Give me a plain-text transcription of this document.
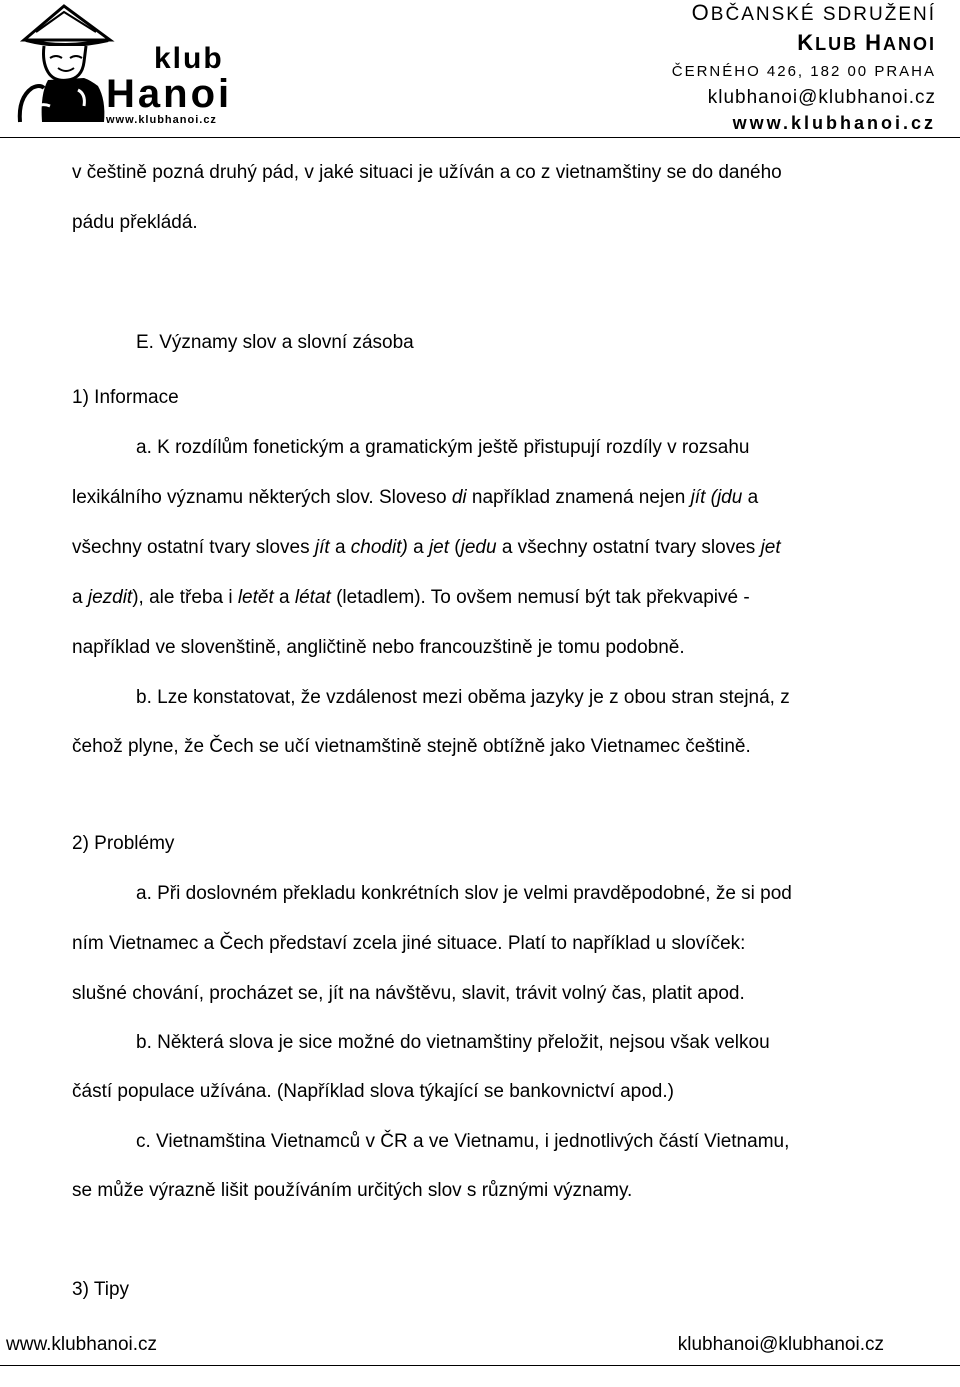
klub
Hanoi
www.klubhanoi.cz
OBČANSKÉ SDRUŽENÍ
KLUB HANOI
ČERNÉHO 426, 182 00 PRAHA
klubhanoi@klubhanoi.cz
www.klubhanoi.cz
v češtině pozná druhý pád, v jaké situaci je užíván a co z vietnamštiny se do daného
pádu překládá.
E. Významy slov a slovní zásoba
1) Informace
a. K rozdílům fonetickým a gramatickým ještě přistupují rozdíly v rozsahu
lexikálního významu některých slov. Sloveso di například znamená nejen jít (jdu a
všechny ostatní tvary sloves jít a chodit) a jet (jedu a všechny ostatní tvary sloves jet
a jezdit), ale třeba i letět a létat (letadlem). To ovšem nemusí být tak překvapivé -
například ve slovenštině, angličtině nebo francouzštině je tomu podobně.
b. Lze konstatovat, že vzdálenost mezi oběma jazyky je z obou stran stejná, z
čehož plyne, že Čech se učí vietnamštině stejně obtížně jako Vietnamec češtině.
2) Problémy
a. Při doslovném překladu konkrétních slov je velmi pravděpodobné, že si pod
ním Vietnamec a Čech představí zcela jiné situace. Platí to například u slovíček:
slušné chování, procházet se, jít na návštěvu, slavit, trávit volný čas, platit apod.
b. Některá slova je sice možné do vietnamštiny přeložit, nejsou však velkou
částí populace užívána. (Například slova týkající se bankovnictví apod.)
c. Vietnamština Vietnamců v ČR a ve Vietnamu, i jednotlivých částí Vietnamu,
se může výrazně lišit používáním určitých slov s různými významy.
3) Tipy
www.klubhanoi.cz	klubhanoi@klubhanoi.cz
